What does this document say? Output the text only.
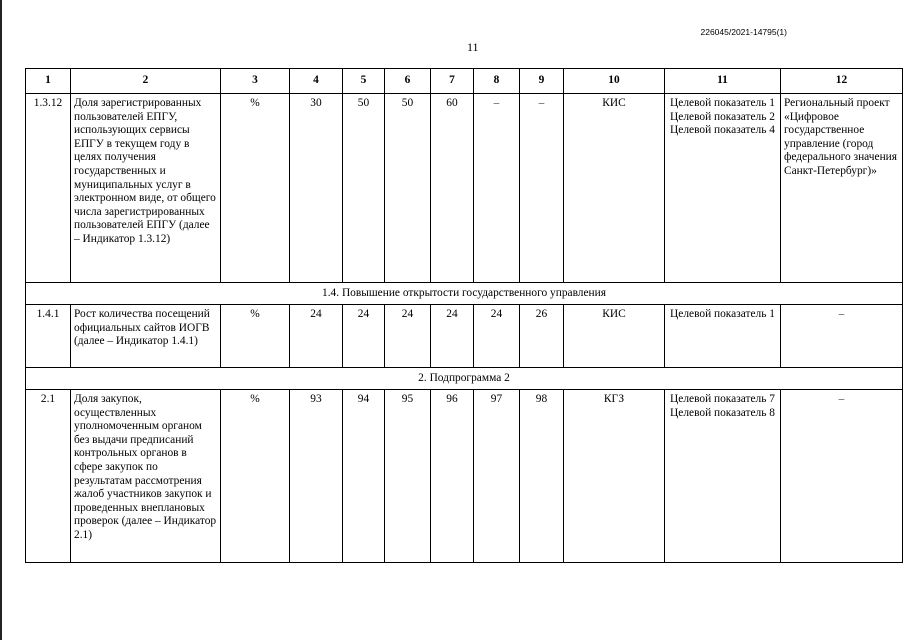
226045/2021-14795(1)
11
1	2	3	4	5	6	7	8	9	10	11	12
1.3.12	Доля зарегистрированных пользователей ЕПГУ, использующих сервисы ЕПГУ в текущем году в целях получения государственных и муниципальных услуг в электронном виде, от общего числа зарегистрированных пользователей ЕПГУ (далее – Индикатор 1.3.12)	%	30	50	50	60	–	–	КИС	Целевой показатель 1 Целевой показатель 2 Целевой показатель 4	Региональный проект «Цифровое государственное управление (город федерального значения Санкт-Петербург)»
1.4. Повышение открытости государственного управления											
1.4.1	Рост количества посещений официальных сайтов ИОГВ (далее – Индикатор 1.4.1)	%	24	24	24	24	24	26	КИС	Целевой показатель 1	–
2. Подпрограмма 2											
2.1	Доля закупок, осуществленных уполномоченным органом без выдачи предписаний контрольных органов в сфере закупок по результатам рассмотрения жалоб участников закупок и проведенных внеплановых проверок (далее – Индикатор 2.1)	%	93	94	95	96	97	98	КГЗ	Целевой показатель 7 Целевой показатель 8	–
